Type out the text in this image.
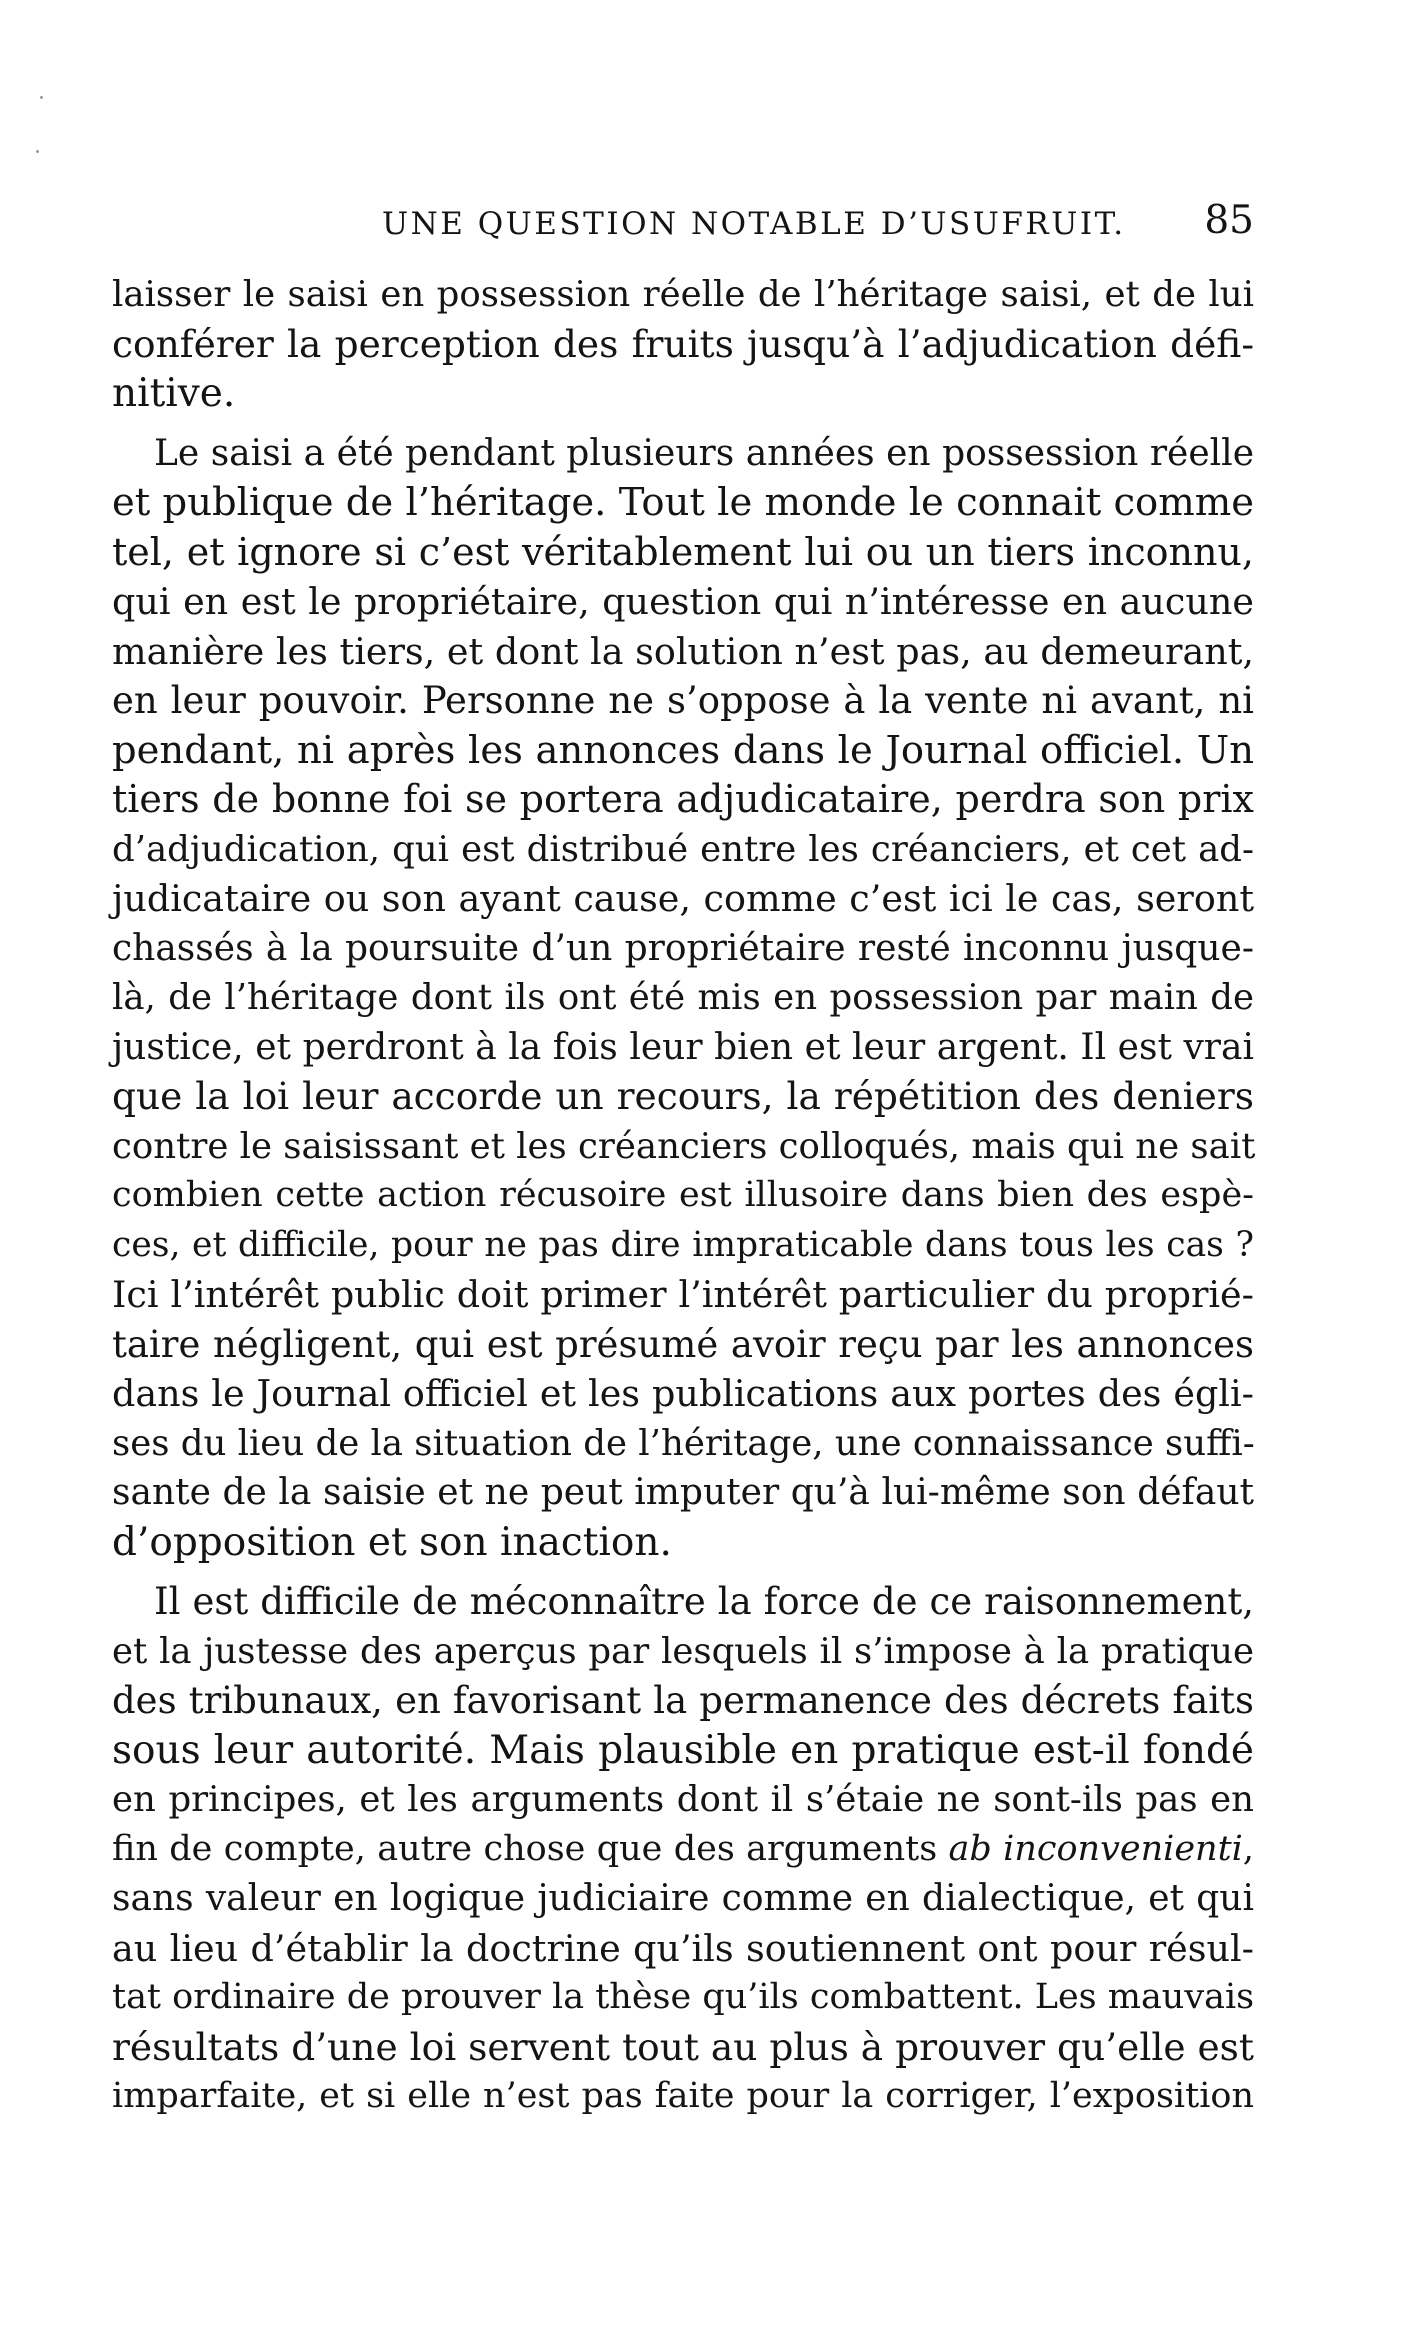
UNE QUESTION NOTABLE D’USUFRUIT. 85
laisser le saisi en possession réelle de l’héritage saisi, et de lui
conférer la perception des fruits jusqu’à l’adjudication défi-
nitive.
Le saisi a été pendant plusieurs années en possession réelle
et publique de l’héritage. Tout le monde le connait comme
tel, et ignore si c’est véritablement lui ou un tiers inconnu,
qui en est le propriétaire, question qui n’intéresse en aucune
manière les tiers, et dont la solution n’est pas, au demeurant,
en leur pouvoir. Personne ne s’oppose à la vente ni avant, ni
pendant, ni après les annonces dans le Journal officiel. Un
tiers de bonne foi se portera adjudicataire, perdra son prix
d’adjudication, qui est distribué entre les créanciers, et cet ad-
judicataire ou son ayant cause, comme c’est ici le cas, seront
chassés à la poursuite d’un propriétaire resté inconnu jusque-
là, de l’héritage dont ils ont été mis en possession par main de
justice, et perdront à la fois leur bien et leur argent. Il est vrai
que la loi leur accorde un recours, la répétition des deniers
contre le saisissant et les créanciers colloqués, mais qui ne sait
combien cette action récusoire est illusoire dans bien des espè-
ces, et difficile, pour ne pas dire impraticable dans tous les cas ?
Ici l’intérêt public doit primer l’intérêt particulier du proprié-
taire négligent, qui est présumé avoir reçu par les annonces
dans le Journal officiel et les publications aux portes des égli-
ses du lieu de la situation de l’héritage, une connaissance suffi-
sante de la saisie et ne peut imputer qu’à lui-même son défaut
d’opposition et son inaction.
Il est difficile de méconnaître la force de ce raisonnement,
et la justesse des aperçus par lesquels il s’impose à la pratique
des tribunaux, en favorisant la permanence des décrets faits
sous leur autorité. Mais plausible en pratique est-il fondé
en principes, et les arguments dont il s’étaie ne sont-ils pas en
fin de compte, autre chose que des arguments ab inconvenienti,
sans valeur en logique judiciaire comme en dialectique, et qui
au lieu d’établir la doctrine qu’ils soutiennent ont pour résul-
tat ordinaire de prouver la thèse qu’ils combattent. Les mauvais
résultats d’une loi servent tout au plus à prouver qu’elle est
imparfaite, et si elle n’est pas faite pour la corriger, l’exposition
